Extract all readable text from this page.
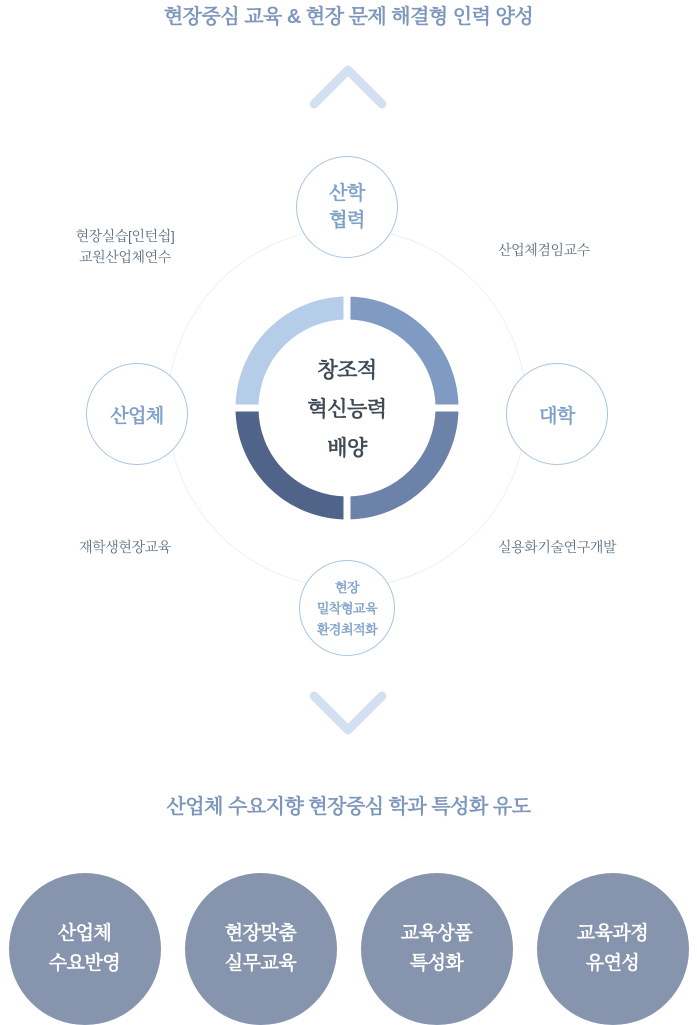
현장중심 교육 & 현장 문제 해결형 인력 양성
창조적
혁신능력
배양
산학
협력
산업체	대학
현장
밀착형교육
환경최적화
현장실습[인턴쉽]
교원산업체연수	산업체겸임교수
재학생현장교육	실용화기술연구개발
산업체 수요지향 현장중심 학과 특성화 유도
산업체
수요반영
현장맞춤
실무교육
교육상품
특성화
교육과정
유연성
